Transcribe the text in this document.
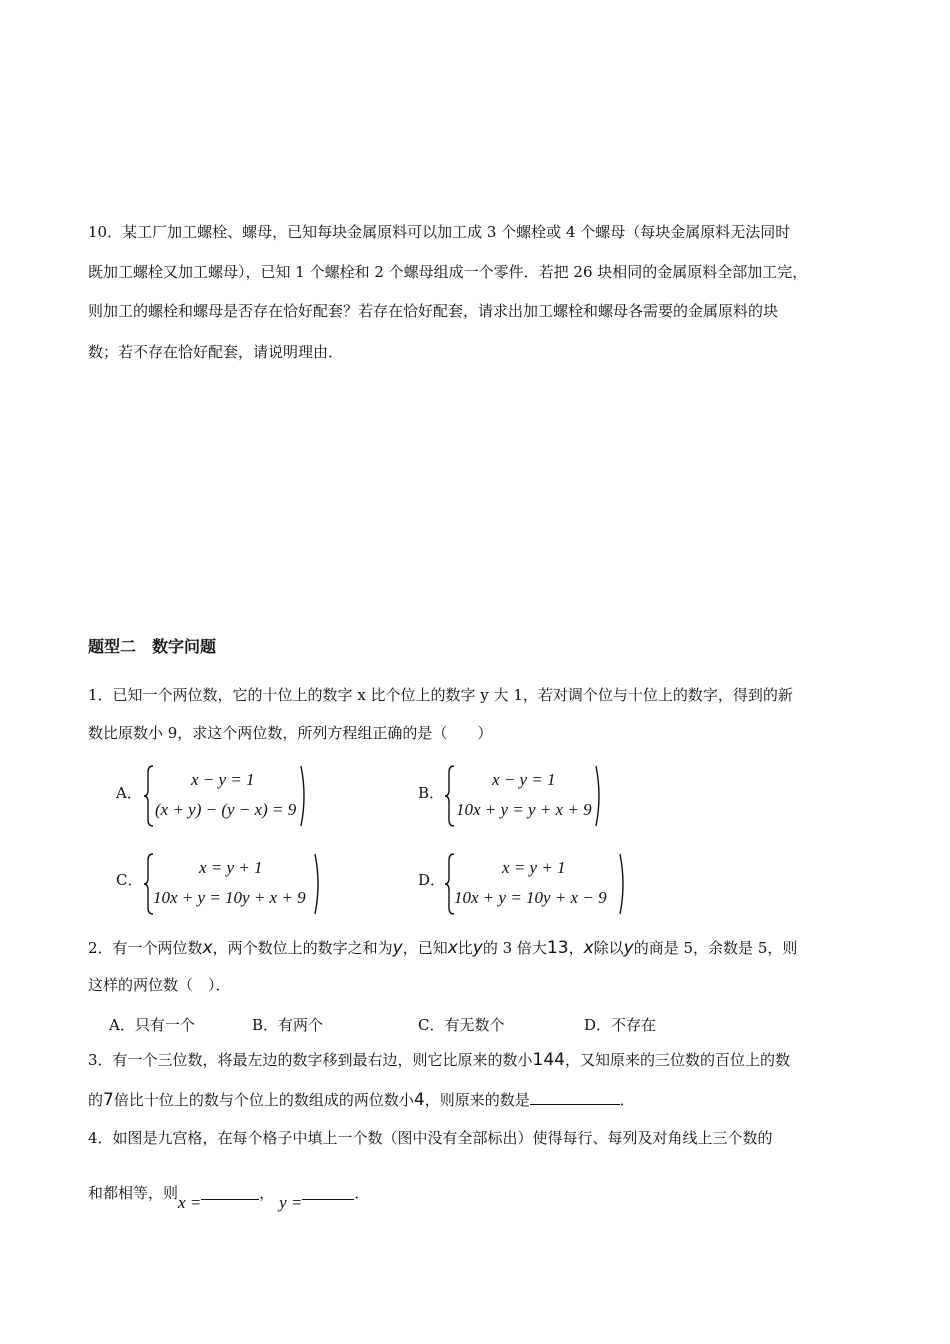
10．某工厂加工螺栓、螺母，已知每块金属原料可以加工成 3 个螺栓或 4 个螺母（每块金属原料无法同时
既加工螺栓又加工螺母），已知 1 个螺栓和 2 个螺母组成一个零件．若把 26 块相同的金属原料全部加工完，
则加工的螺栓和螺母是否存在恰好配套？若存在恰好配套，请求出加工螺栓和螺母各需要的金属原料的块
数；若不存在恰好配套，请说明理由．
题型二　数字问题
1．已知一个两位数，它的十位上的数字 x 比个位上的数字 y 大 1，若对调个位与十位上的数字，得到的新
数比原数小 9，求这个两位数，所列方程组正确的是（　　）
A．
x − y = 1
(x + y) − (y − x) = 9
B．
x − y = 1
10x + y = y + x + 9
C．
x = y + 1
10x + y = 10y + x + 9
D．
x = y + 1
10x + y = 10y + x − 9
2．有一个两位数x，两个数位上的数字之和为y，已知x比y的 3 倍大13，x除以y的商是 5，余数是 5，则
这样的两位数（　）．
A．只有一个	B．有两个	C．有无数个	D．不存在
3．有一个三位数，将最左边的数字移到最右边，则它比原来的数小144，又知原来的三位数的百位上的数
的7倍比十位上的数与个位上的数组成的两位数小4，则原来的数是	．
4．如图是九宫格，在每个格子中填上一个数（图中没有全部标出）使得每行、每列及对角线上三个数的
和都相等，则x =	， y =	．
